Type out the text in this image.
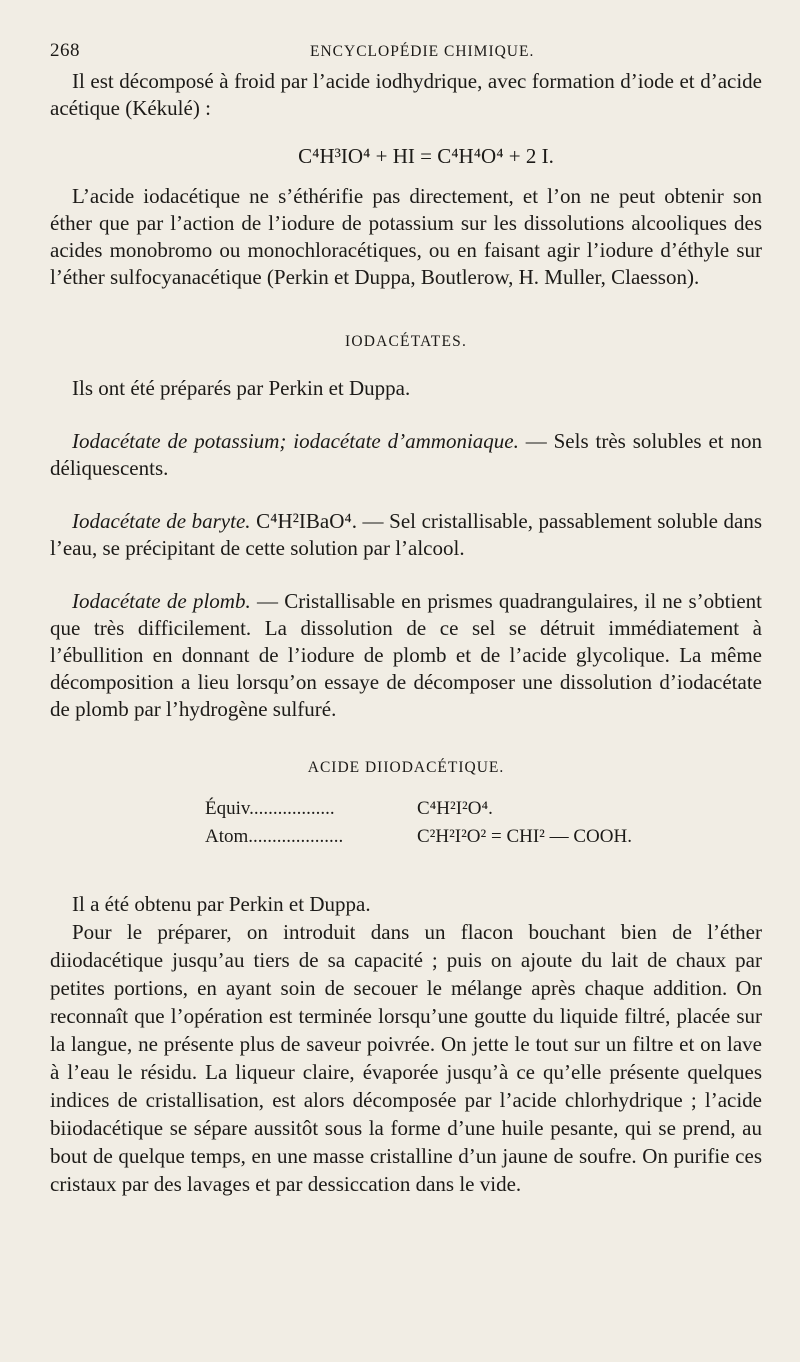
268	ENCYCLOPÉDIE CHIMIQUE.

Il est décomposé à froid par l’acide iodhydrique, avec formation d’iode et d’acide acétique (Kékulé) :

C⁴H³IO⁴ + HI = C⁴H⁴O⁴ + 2 I.

L’acide iodacétique ne s’éthérifie pas directement, et l’on ne peut obtenir son éther que par l’action de l’iodure de potassium sur les dissolutions alcooliques des acides monobromo ou monochloracétiques, ou en faisant agir l’iodure d’éthyle sur l’éther sulfocyanacétique (Perkin et Duppa, Boutlerow, H. Muller, Claesson).

IODACÉTATES.

Ils ont été préparés par Perkin et Duppa.

Iodacétate de potassium; iodacétate d’ammoniaque. — Sels très solubles et non déliquescents.

Iodacétate de baryte. C⁴H²IBaO⁴. — Sel cristallisable, passablement soluble dans l’eau, se précipitant de cette solution par l’alcool.

Iodacétate de plomb. — Cristallisable en prismes quadrangulaires, il ne s’obtient que très difficilement. La dissolution de ce sel se détruit immédiatement à l’ébullition en donnant de l’iodure de plomb et de l’acide glycolique. La même décomposition a lieu lorsqu’on essaye de décomposer une dissolution d’iodacétate de plomb par l’hydrogène sulfuré.

ACIDE DIIODACÉTIQUE.
Équiv..................	C⁴H²I²O⁴.
Atom....................	C²H²I²O² = CHI² — COOH.

Il a été obtenu par Perkin et Duppa.

Pour le préparer, on introduit dans un flacon bouchant bien de l’éther diiodacétique jusqu’au tiers de sa capacité ; puis on ajoute du lait de chaux par petites portions, en ayant soin de secouer le mélange après chaque addition. On reconnaît que l’opération est terminée lorsqu’une goutte du liquide filtré, placée sur la langue, ne présente plus de saveur poivrée. On jette le tout sur un filtre et on lave à l’eau le résidu. La liqueur claire, évaporée jusqu’à ce qu’elle présente quelques indices de cristallisation, est alors décomposée par l’acide chlorhydrique ; l’acide biiodacétique se sépare aussitôt sous la forme d’une huile pesante, qui se prend, au bout de quelque temps, en une masse cristalline d’un jaune de soufre. On purifie ces cristaux par des lavages et par dessiccation dans le vide.
